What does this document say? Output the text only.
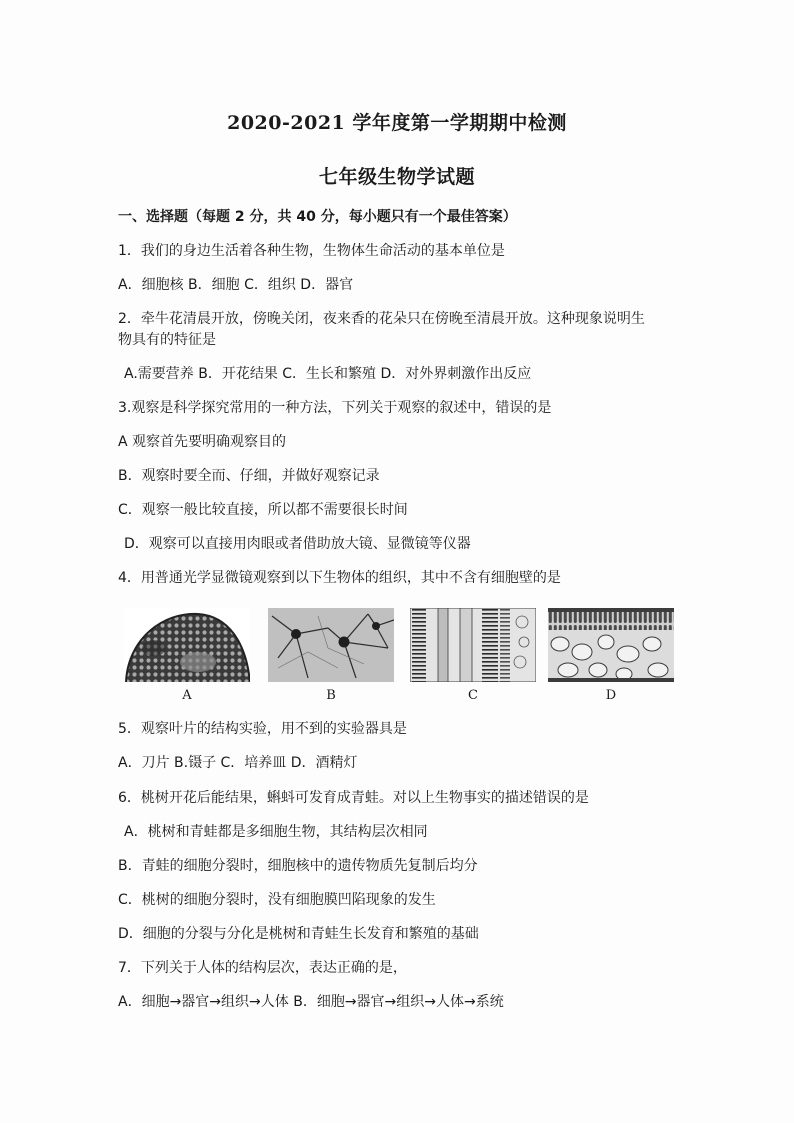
2020-2021 学年度第一学期期中检测
七年级生物学试题
一、选择题（每题 2 分，共 40 分，每小题只有一个最佳答案）
1．我们的身边生活着各种生物，生物体生命活动的基本单位是
A．细胞核 B．细胞 C．组织 D．器官
2．牵牛花清晨开放，傍晚关闭，夜来香的花朵只在傍晚至清晨开放。这种现象说明生
物具有的特征是
A.需要营养 B．开花结果 C．生长和繁殖 D．对外界刺激作出反应
3.观察是科学探究常用的一种方法，下列关于观察的叙述中，错误的是
A 观察首先要明确观察目的
B．观察时要全而、仔细，并做好观察记录
C．观察一般比较直接，所以都不需要很长时间
D．观察可以直接用肉眼或者借助放大镜、显微镜等仪器
4．用普通光学显微镜观察到以下生物体的组织，其中不含有细胞壁的是
A	B	C	D
5．观察叶片的结构实验，用不到的实验器具是
A．刀片 B.镊子 C．培养皿 D．酒精灯
6．桃树开花后能结果，蝌蚪可发育成青蛙。对以上生物事实的描述错误的是
A．桃树和青蛙都是多细胞生物，其结构层次相同
B．青蛙的细胞分裂时，细胞核中的遗传物质先复制后均分
C．桃树的细胞分裂时，没有细胞膜凹陷现象的发生
D．细胞的分裂与分化是桃树和青蛙生长发育和繁殖的基础
7．下列关于人体的结构层次，表达正确的是，
A．细胞→器官→组织→人体 B．细胞→器官→组织→人体→系统
